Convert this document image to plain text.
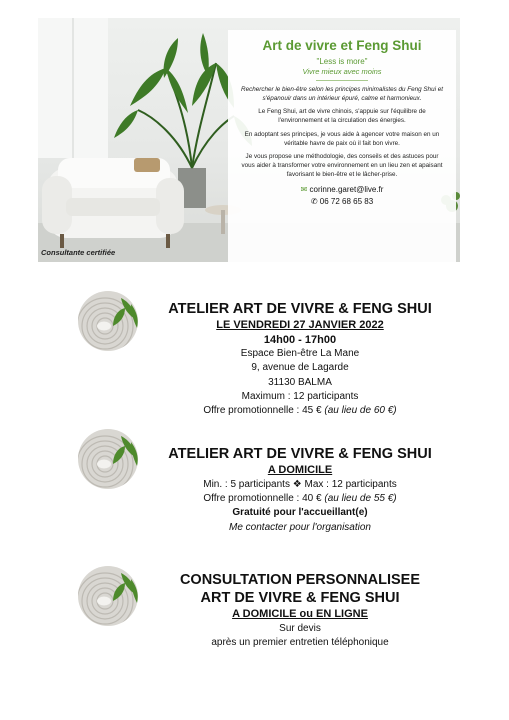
Art de vivre et Feng Shui
"Less is more"
Vivre mieux avec moins

Rechercher le bien-être selon les principes minimalistes du Feng Shui et s'épanouir dans un intérieur épuré, calme et harmonieux.

Le Feng Shui, art de vivre chinois, s'appuie sur l'équilibre de l'environnement et la circulation des énergies.

En adoptant ses principes, je vous aide à agencer votre maison en un véritable havre de paix où il fait bon vivre.

Je vous propose une méthodologie, des conseils et des astuces pour vous aider à transformer votre environnement en un lieu zen et apaisant favorisant le bien-être et le lâcher-prise.

✉ corinne.garet@live.fr
✆ 06 72 68 65 83
Consultante certifiée
ATELIER ART DE VIVRE & FENG SHUI
LE VENDREDI 27 JANVIER 2022
14h00 - 17h00
Espace Bien-être La Mane
9, avenue de Lagarde
31130 BALMA
Maximum : 12 participants
Offre promotionnelle : 45 € (au lieu de 60 €)
ATELIER ART DE VIVRE & FENG SHUI
A DOMICILE
Min. : 5 participants ❖ Max : 12 participants
Offre promotionnelle : 40 € (au lieu de 55 €)
Gratuité pour l'accueillant(e)
Me contacter pour l'organisation
CONSULTATION PERSONNALISEE
ART DE VIVRE & FENG SHUI
A DOMICILE ou EN LIGNE
Sur devis
après un premier entretien téléphonique
